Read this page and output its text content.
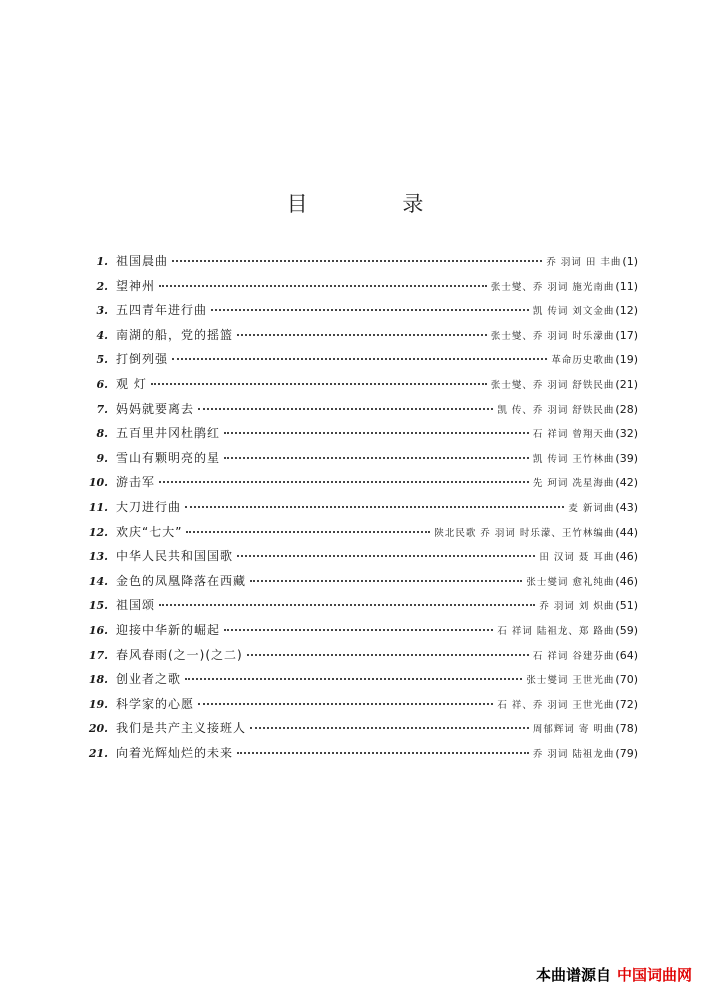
目 录
1. 祖国晨曲	乔 羽词 田 丰曲 (1)
2. 望神州	张士燮、乔 羽词 施光南曲 (11)
3. 五四青年进行曲	凯 传词 刘文金曲 (12)
4. 南湖的船，党的摇篮	张士燮、乔 羽词 时乐濛曲 (17)
5. 打倒列强	革命历史歌曲 (19)
6. 观 灯	张士燮、乔 羽词 舒铁民曲 (21)
7. 妈妈就要离去	凯 传、乔 羽词 舒铁民曲 (28)
8. 五百里井冈杜鹃红	石 祥词 曾翔天曲 (32)
9. 雪山有颗明亮的星	凯 传词 王竹林曲 (39)
10. 游击军	先 珂词 冼星海曲 (42)
11. 大刀进行曲	麦 新词曲 (43)
12. 欢庆“七大”	陕北民歌 乔 羽词 时乐濛、王竹林编曲 (44)
13. 中华人民共和国国歌	田 汉词 聂 耳曲 (46)
14. 金色的凤凰降落在西藏	张士燮词 愈礼纯曲 (46)
15. 祖国颂	乔 羽词 刘 炽曲 (51)
16. 迎接中华新的崛起	石 祥词 陆祖龙、郑 路曲 (59)
17. 春风春雨(之一)(之二)	石 祥词 谷建芬曲 (64)
18. 创业者之歌	张士燮词 王世光曲 (70)
19. 科学家的心愿	石 祥、乔 羽词 王世光曲 (72)
20. 我们是共产主义接班人	周郁辉词 寄 明曲 (78)
21. 向着光辉灿烂的未来	乔 羽词 陆祖龙曲 (79)
本曲谱源自 中国词曲网
